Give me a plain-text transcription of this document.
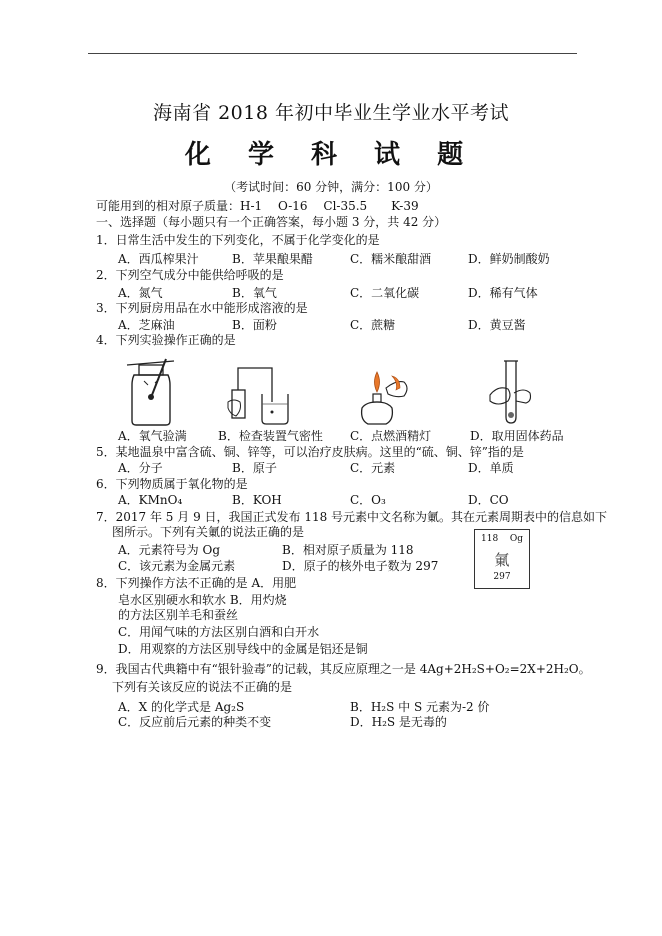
海南省 2018 年初中毕业生学业水平考试
化 学 科 试 题
（考试时间：60 分钟，满分：100 分）
可能用到的相对原子质量：H-1　 O-16　 Cl-35.5　　K-39
一、选择题（每小题只有一个正确答案，每小题 3 分，共 42 分）
1．日常生活中发生的下列变化，不属于化学变化的是
A．西瓜榨果汁	B．苹果酿果醋	C．糯米酿甜酒	D．鲜奶制酸奶
2．下列空气成分中能供给呼吸的是
A．氮气	B．氧气	C．二氧化碳	D．稀有气体
3．下列厨房用品在水中能形成溶液的是
A．芝麻油	B．面粉	C．蔗糖	D．黄豆酱
4．下列实验操作正确的是
A．氧气验满	B．检查装置气密性 C．点燃酒精灯	D．取用固体药品
5．某地温泉中富含硫、铜、锌等，可以治疗皮肤病。这里的“硫、铜、锌”指的是
A．分子	B．原子	C．元素	D．单质
6．下列物质属于氧化物的是
A．KMnO₄	B．KOH	C．O₃	D．CO
7．2017 年 5 月 9 日，我国正式发布 118 号元素中文名称为氭。其在元素周期表中的信息如下
图所示。下列有关氭的说法正确的是
A．元素符号为 Og	B．相对原子质量为 118
C．该元素为金属元素	D．原子的核外电子数为 297
118 Og
氭
297
8．下列操作方法不正确的是 A．用肥
皂水区别硬水和软水 B．用灼烧
的方法区别羊毛和蚕丝
C．用闻气味的方法区别白酒和白开水
D．用观察的方法区别导线中的金属是铝还是铜
9．我国古代典籍中有“银针验毒”的记载，其反应原理之一是 4Ag+2H₂S+O₂=2X+2H₂O。
下列有关该反应的说法不正确的是
A．X 的化学式是 Ag₂S	B．H₂S 中 S 元素为-2 价
C．反应前后元素的种类不变	D．H₂S 是无毒的
